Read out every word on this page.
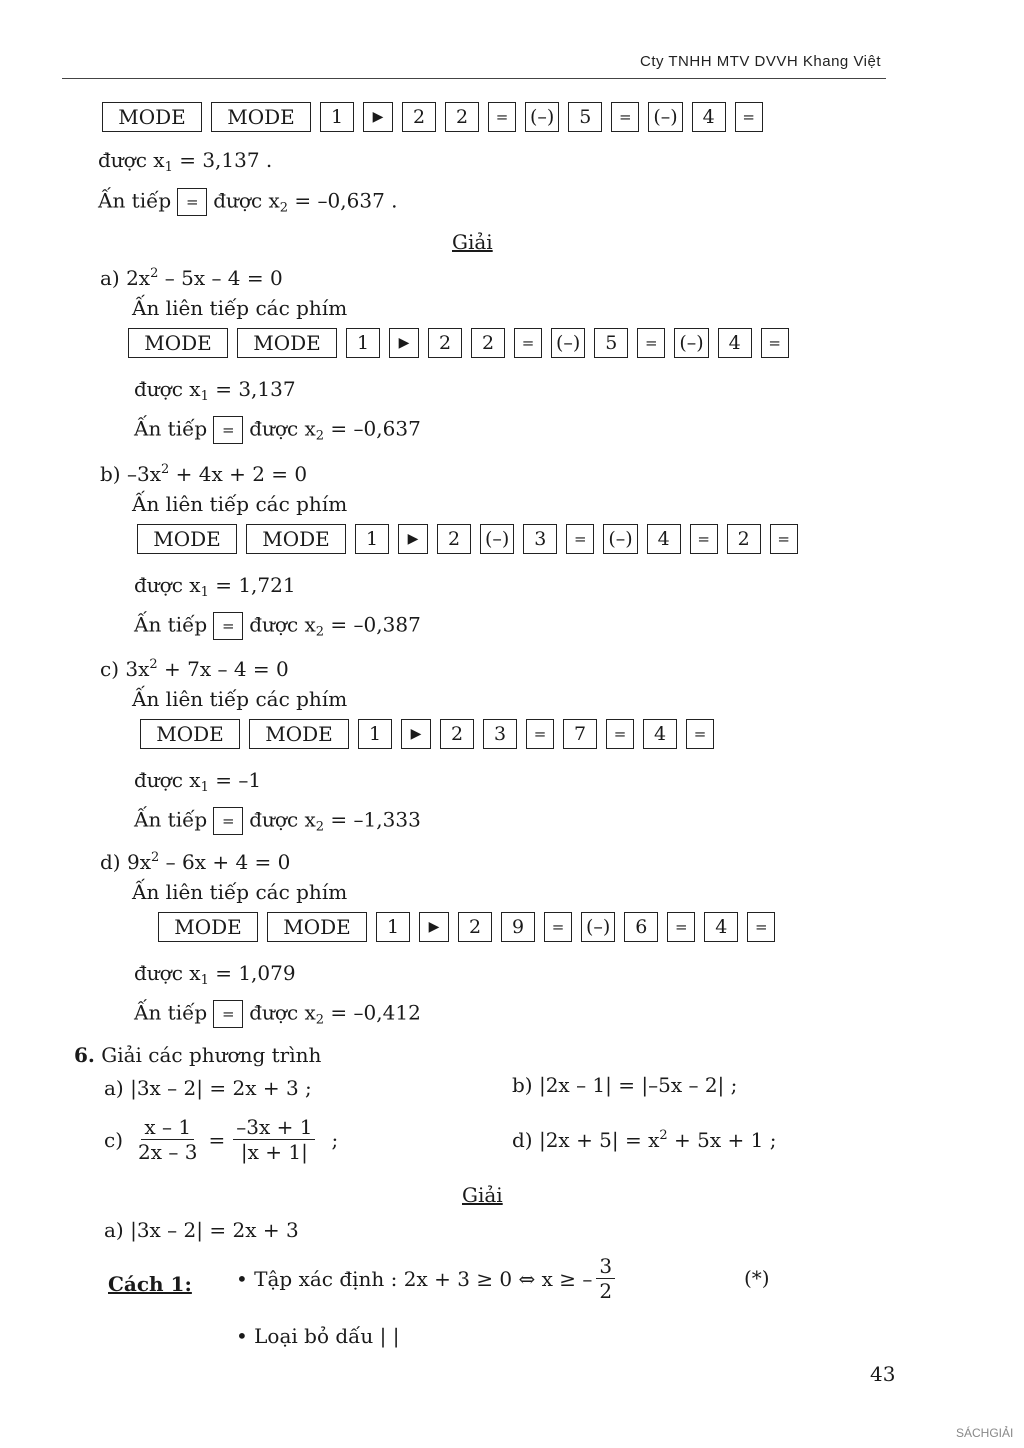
Cty TNHH MTV DVVH Khang Việt
MODE	MODE	1	▶	2	2	=	(–)	5	=	(–)	4	=
được $x_1 = 3,137$ .
Ấn tiếp = được $x_2 = -0,637$ .
Giải
a) $2x^2 - 5x - 4 = 0$
Ấn liên tiếp các phím
MODE	MODE	1	▶	2	2	=	(–)	5	=	(–)	4	=
được $x_1 = 3,137$
Ấn tiếp = được $x_2 = -0,637$
b) $-3x^2 + 4x + 2 = 0$
Ấn liên tiếp các phím
MODE	MODE	1	▶	2	(–)	3	=	(–)	4	=	2	=
được $x_1 = 1,721$
Ấn tiếp = được $x_2 = -0,387$
c) $3x^2 + 7x - 4 = 0$
Ấn liên tiếp các phím
MODE	MODE	1	▶	2	3	=	7	=	4	=
được $x_1 = -1$
Ấn tiếp = được $x_2 = -1,333$
d) $9x^2 - 6x + 4 = 0$
Ấn liên tiếp các phím
MODE	MODE	1	▶	2	9	=	(–)	6	=	4	=
được $x_1 = 1,079$
Ấn tiếp = được $x_2 = -0,412$
6. Giải các phương trình
a) |3x – 2| = 2x + 3 ;	b) |2x – 1| = |–5x – 2| ;
$c) \frac{x - 1}{2x - 3} = \frac{-3x + 1}{|x + 1|}$ ;	d) $|2x + 5| = x^2 + 5x + 1$ ;
Giải
a) |3x – 2| = 2x + 3
Cách 1: • Tập xác định : 2x + 3 ≥ 0 ⇔ x ≥ – $\frac{3}{2}$	(*)
• Loại bỏ dấu | |
43
SÁCHGIẢI
